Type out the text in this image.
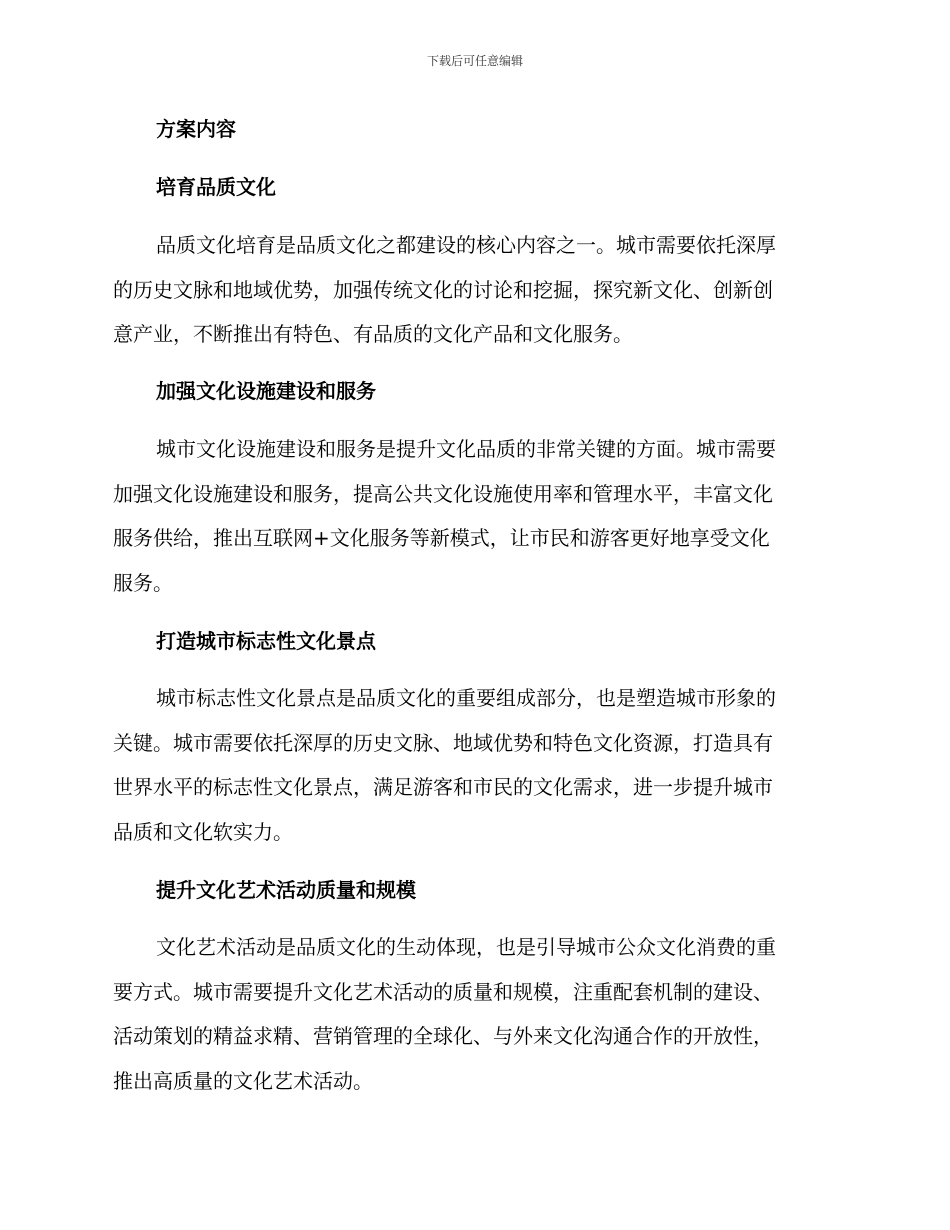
下载后可任意编辑
方案内容
培育品质文化
品质文化培育是品质文化之都建设的核心内容之一。城市需要依托深厚
的历史文脉和地域优势，加强传统文化的讨论和挖掘，探究新文化、创新创
意产业，不断推出有特色、有品质的文化产品和文化服务。
加强文化设施建设和服务
城市文化设施建设和服务是提升文化品质的非常关键的方面。城市需要
加强文化设施建设和服务，提高公共文化设施使用率和管理水平，丰富文化
服务供给，推出互联网+文化服务等新模式，让市民和游客更好地享受文化
服务。
打造城市标志性文化景点
城市标志性文化景点是品质文化的重要组成部分，也是塑造城市形象的
关键。城市需要依托深厚的历史文脉、地域优势和特色文化资源，打造具有
世界水平的标志性文化景点，满足游客和市民的文化需求，进一步提升城市
品质和文化软实力。
提升文化艺术活动质量和规模
文化艺术活动是品质文化的生动体现，也是引导城市公众文化消费的重
要方式。城市需要提升文化艺术活动的质量和规模，注重配套机制的建设、
活动策划的精益求精、营销管理的全球化、与外来文化沟通合作的开放性，
推出高质量的文化艺术活动。
